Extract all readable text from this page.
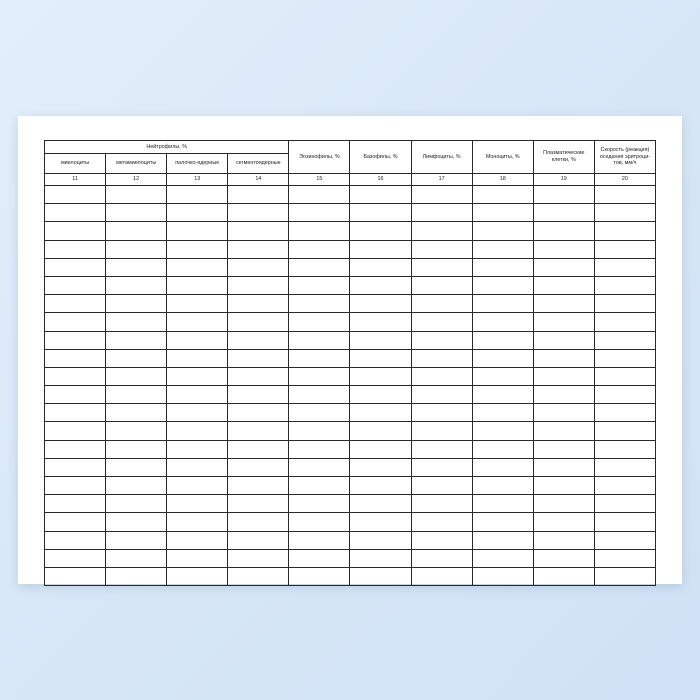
Нейтрофилы, %				Эозинофилы, %	Базофилы, %	Лимфоциты, %	Моноциты, %	Плазматические клетки, %	Скорость (реакция) оседания эритроци- тов, мм/ч
миелоциты	метамиелоциты	палочко-ядерные	сегментоядерные						
11	12	13	14	15	16	17	18	19	20
